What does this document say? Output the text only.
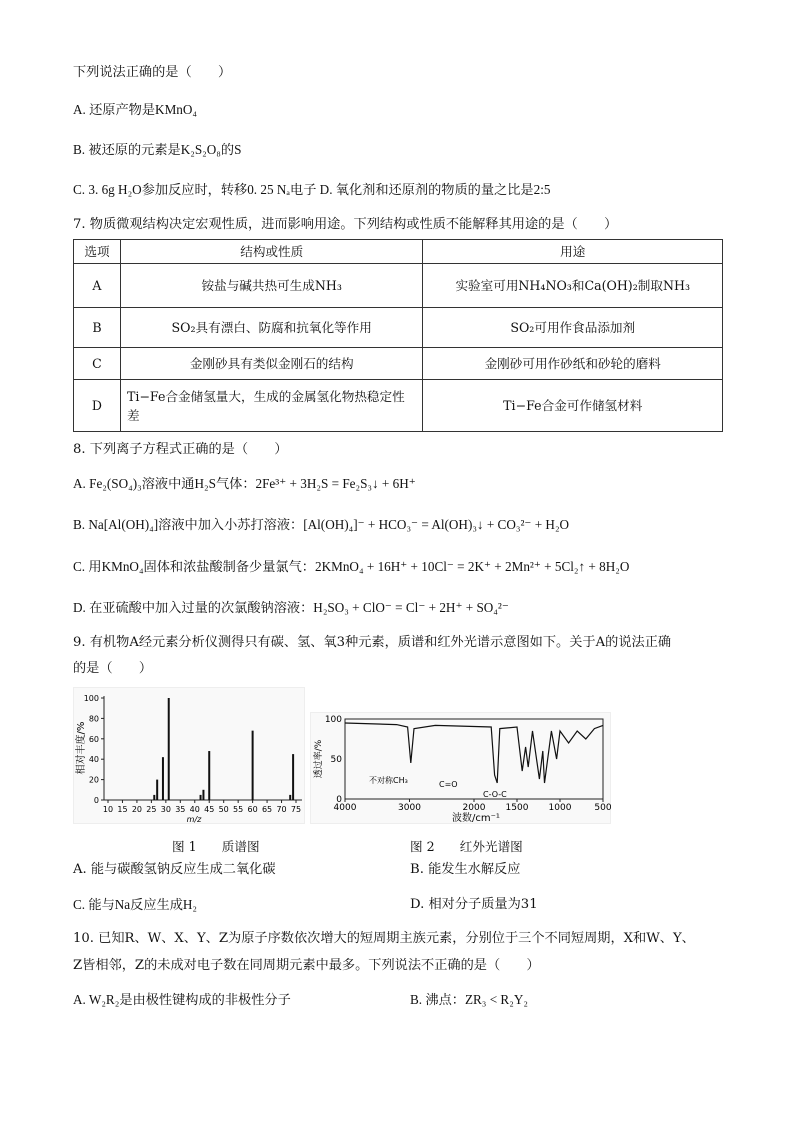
下列说法正确的是（　　）
A. 还原产物是KMnO₄
B. 被还原的元素是K₂S₂O₈的S
C. 3. 6g H₂O参加反应时，转移0. 25 Nₐ电子 D. 氧化剂和还原剂的物质的量之比是2:5
7. 物质微观结构决定宏观性质，进而影响用途。下列结构或性质不能解释其用途的是（　　）
选项	结构或性质	用途
A	铵盐与碱共热可生成NH₃	实验室可用NH₄NO₃和Ca(OH)₂制取NH₃
B	SO₂具有漂白、防腐和抗氧化等作用	SO₂可用作食品添加剂
C	金刚砂具有类似金刚石的结构	金刚砂可用作砂纸和砂轮的磨料
D	Ti−Fe合金储氢量大，生成的金属氢化物热稳定性差	Ti−Fe合金可作储氢材料
8. 下列离子方程式正确的是（　　）
A. Fe₂(SO₄)₃溶液中通H₂S气体：2Fe³⁺ + 3H₂S = Fe₂S₃↓ + 6H⁺
B. Na[Al(OH)₄]溶液中加入小苏打溶液：[Al(OH)₄]⁻ + HCO₃⁻ = Al(OH)₃↓ + CO₃²⁻ + H₂O
C. 用KMnO₄固体和浓盐酸制备少量氯气：2KMnO₄ + 16H⁺ + 10Cl⁻ = 2K⁺ + 2Mn²⁺ + 5Cl₂↑ + 8H₂O
D. 在亚硫酸中加入过量的次氯酸钠溶液：H₂SO₃ + ClO⁻ = Cl⁻ + 2H⁺ + SO₄²⁻
9. 有机物A经元素分析仪测得只有碳、氢、氧3种元素，质谱和红外光谱示意图如下。关于A的说法正确
的是（　　）
相对丰度/%
m/z
100
80
60
40
20
0
10 15 20 25 30 35 40 45 50 55 60 65 70 75
透过率/%
波数/cm⁻¹
100
50
0
4000	3000	2000 1500 1000	500
不对称CH₃	C=O
C-O-C
图 1　　质谱图	图 2　　红外光谱图
A. 能与碳酸氢钠反应生成二氧化碳	B. 能发生水解反应
C. 能与Na反应生成H₂	D. 相对分子质量为31
10. 已知R、W、X、Y、Z为原子序数依次增大的短周期主族元素，分别位于三个不同短周期，X和W、Y、
Z皆相邻，Z的未成对电子数在同周期元素中最多。下列说法不正确的是（　　）
A. W₂R₂是由极性键构成的非极性分子	B. 沸点：ZR₃ < R₂Y₂
